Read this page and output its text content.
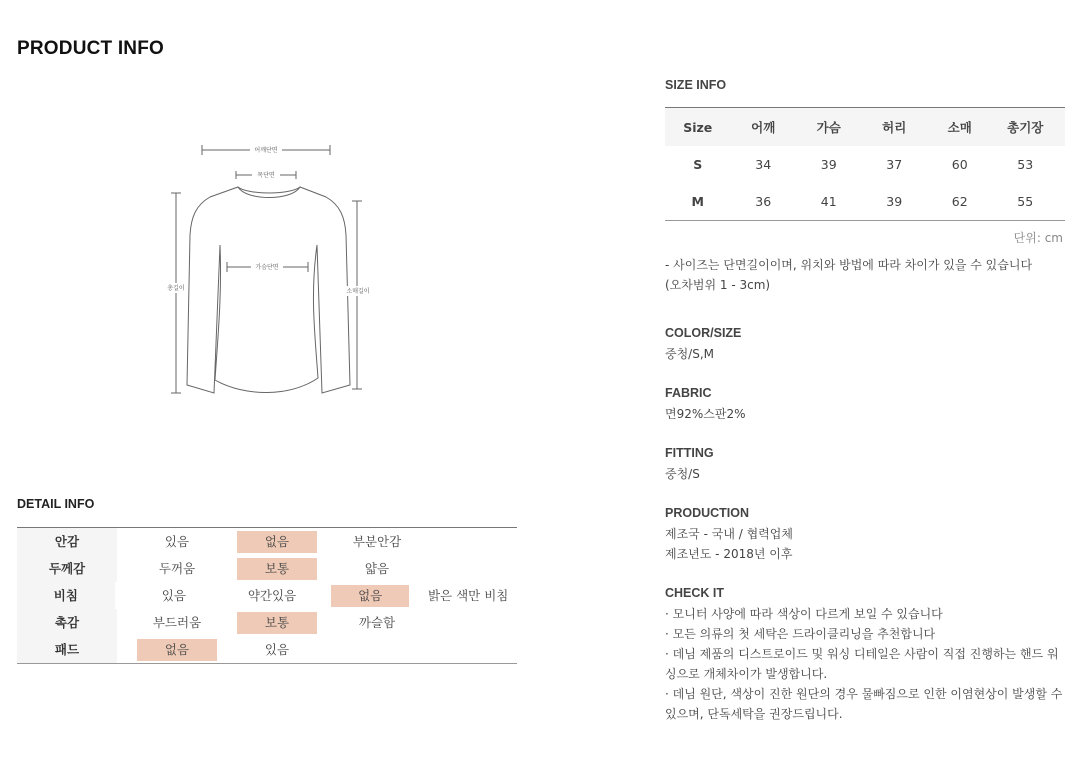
PRODUCT INFO
어깨단면
목단면
가슴단면
총길이	소매길이
DETAIL INFO
안감	있음	없음	부분안감
두께감	두꺼움	보통	얇음
비침	있음	약간있음	없음	밝은 색만 비침
촉감	부드러움	보통	까슬함
패드	없음	있음
SIZE INFO
Size	어깨	가슴	허리	소매	총기장
S	34	39	37	60	53
M	36	41	39	62	55
단위: cm
- 사이즈는 단면길이이며, 위치와 방법에 따라 차이가 있을 수 있습니다
(오차범위 1 - 3cm)
COLOR/SIZE
중청/S,M
FABRIC
면92%스판2%
FITTING
중청/S
PRODUCTION
제조국 - 국내 / 협력업체
제조년도 - 2018년 이후
CHECK IT
· 모니터 사양에 따라 색상이 다르게 보일 수 있습니다
· 모든 의류의 첫 세탁은 드라이클리닝을 추천합니다
· 데님 제품의 디스트로이드 및 워싱 디테일은 사람이 직접 진행하는 핸드 워싱으로 개체차이가 발생합니다.
· 데님 원단, 색상이 진한 원단의 경우 물빠짐으로 인한 이염현상이 발생할 수 있으며, 단독세탁을 권장드립니다.
